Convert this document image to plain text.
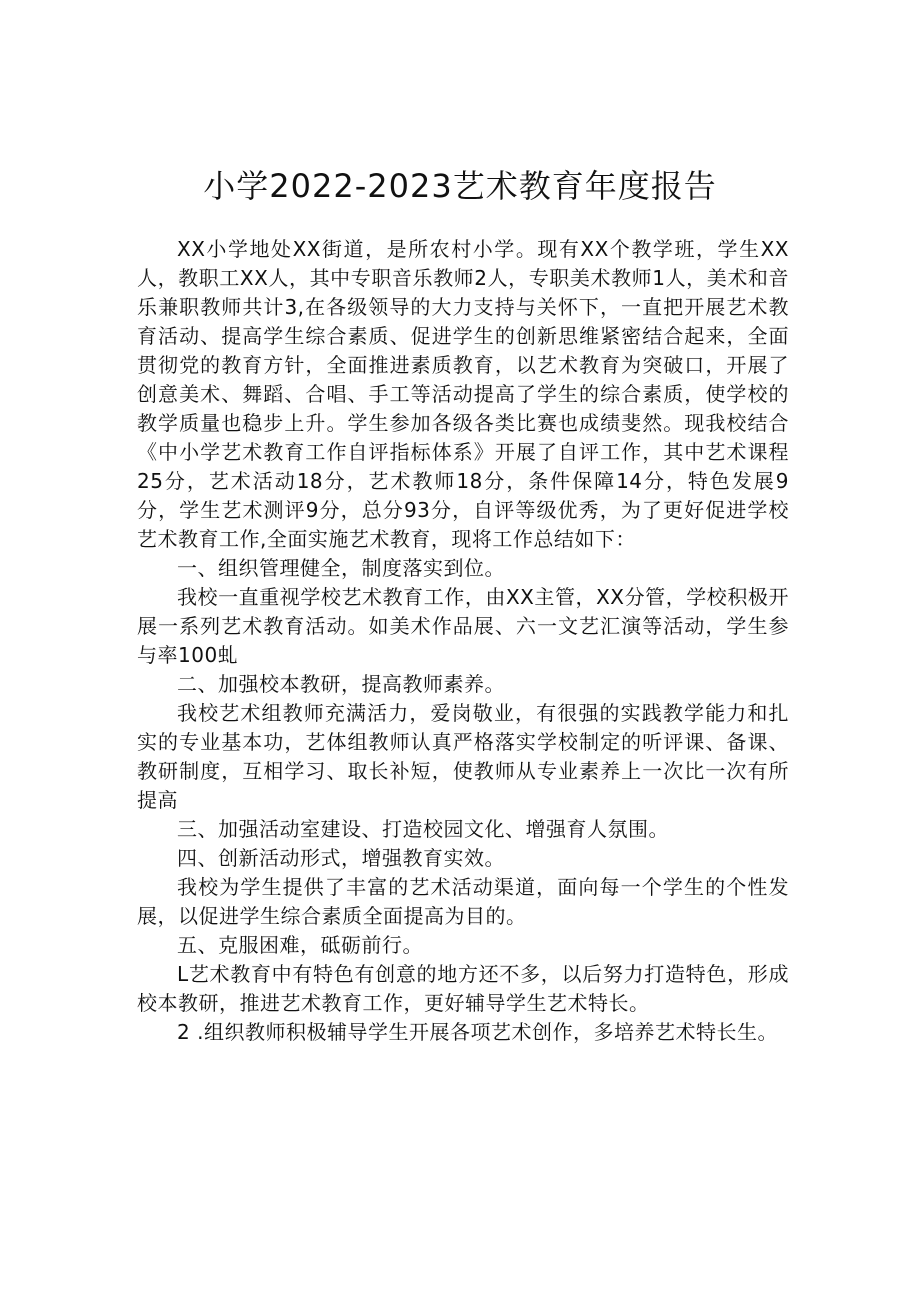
小学2022-2023艺术教育年度报告

XX小学地处XX街道，是所农村小学。现有XX个教学班，学生XX人，教职工XX人，其中专职音乐教师2人，专职美术教师1人，美术和音乐兼职教师共计3,在各级领导的大力支持与关怀下，一直把开展艺术教育活动、提高学生综合素质、促进学生的创新思维紧密结合起来，全面贯彻党的教育方针，全面推进素质教育，以艺术教育为突破口，开展了创意美术、舞蹈、合唱、手工等活动提高了学生的综合素质，使学校的教学质量也稳步上升。学生参加各级各类比赛也成绩斐然。现我校结合《中小学艺术教育工作自评指标体系》开展了自评工作，其中艺术课程25分，艺术活动18分，艺术教师18分，条件保障14分，特色发展9分，学生艺术测评9分，总分93分，自评等级优秀，为了更好促进学校艺术教育工作,全面实施艺术教育，现将工作总结如下：

一、组织管理健全，制度落实到位。

我校一直重视学校艺术教育工作，由XX主管，XX分管，学校积极开展一系列艺术教育活动。如美术作品展、六一文艺汇演等活动，学生参与率100虬

二、加强校本教研，提高教师素养。

我校艺术组教师充满活力，爱岗敬业，有很强的实践教学能力和扎实的专业基本功，艺体组教师认真严格落实学校制定的听评课、备课、教研制度，互相学习、取长补短，使教师从专业素养上一次比一次有所提高

三、加强活动室建设、打造校园文化、增强育人氛围。

四、创新活动形式，增强教育实效。

我校为学生提供了丰富的艺术活动渠道，面向每一个学生的个性发展，以促进学生综合素质全面提高为目的。

五、克服困难，砥砺前行。

L艺术教育中有特色有创意的地方还不多，以后努力打造特色，形成校本教研，推进艺术教育工作，更好辅导学生艺术特长。

2 .组织教师积极辅导学生开展各项艺术创作，多培养艺术特长生。
